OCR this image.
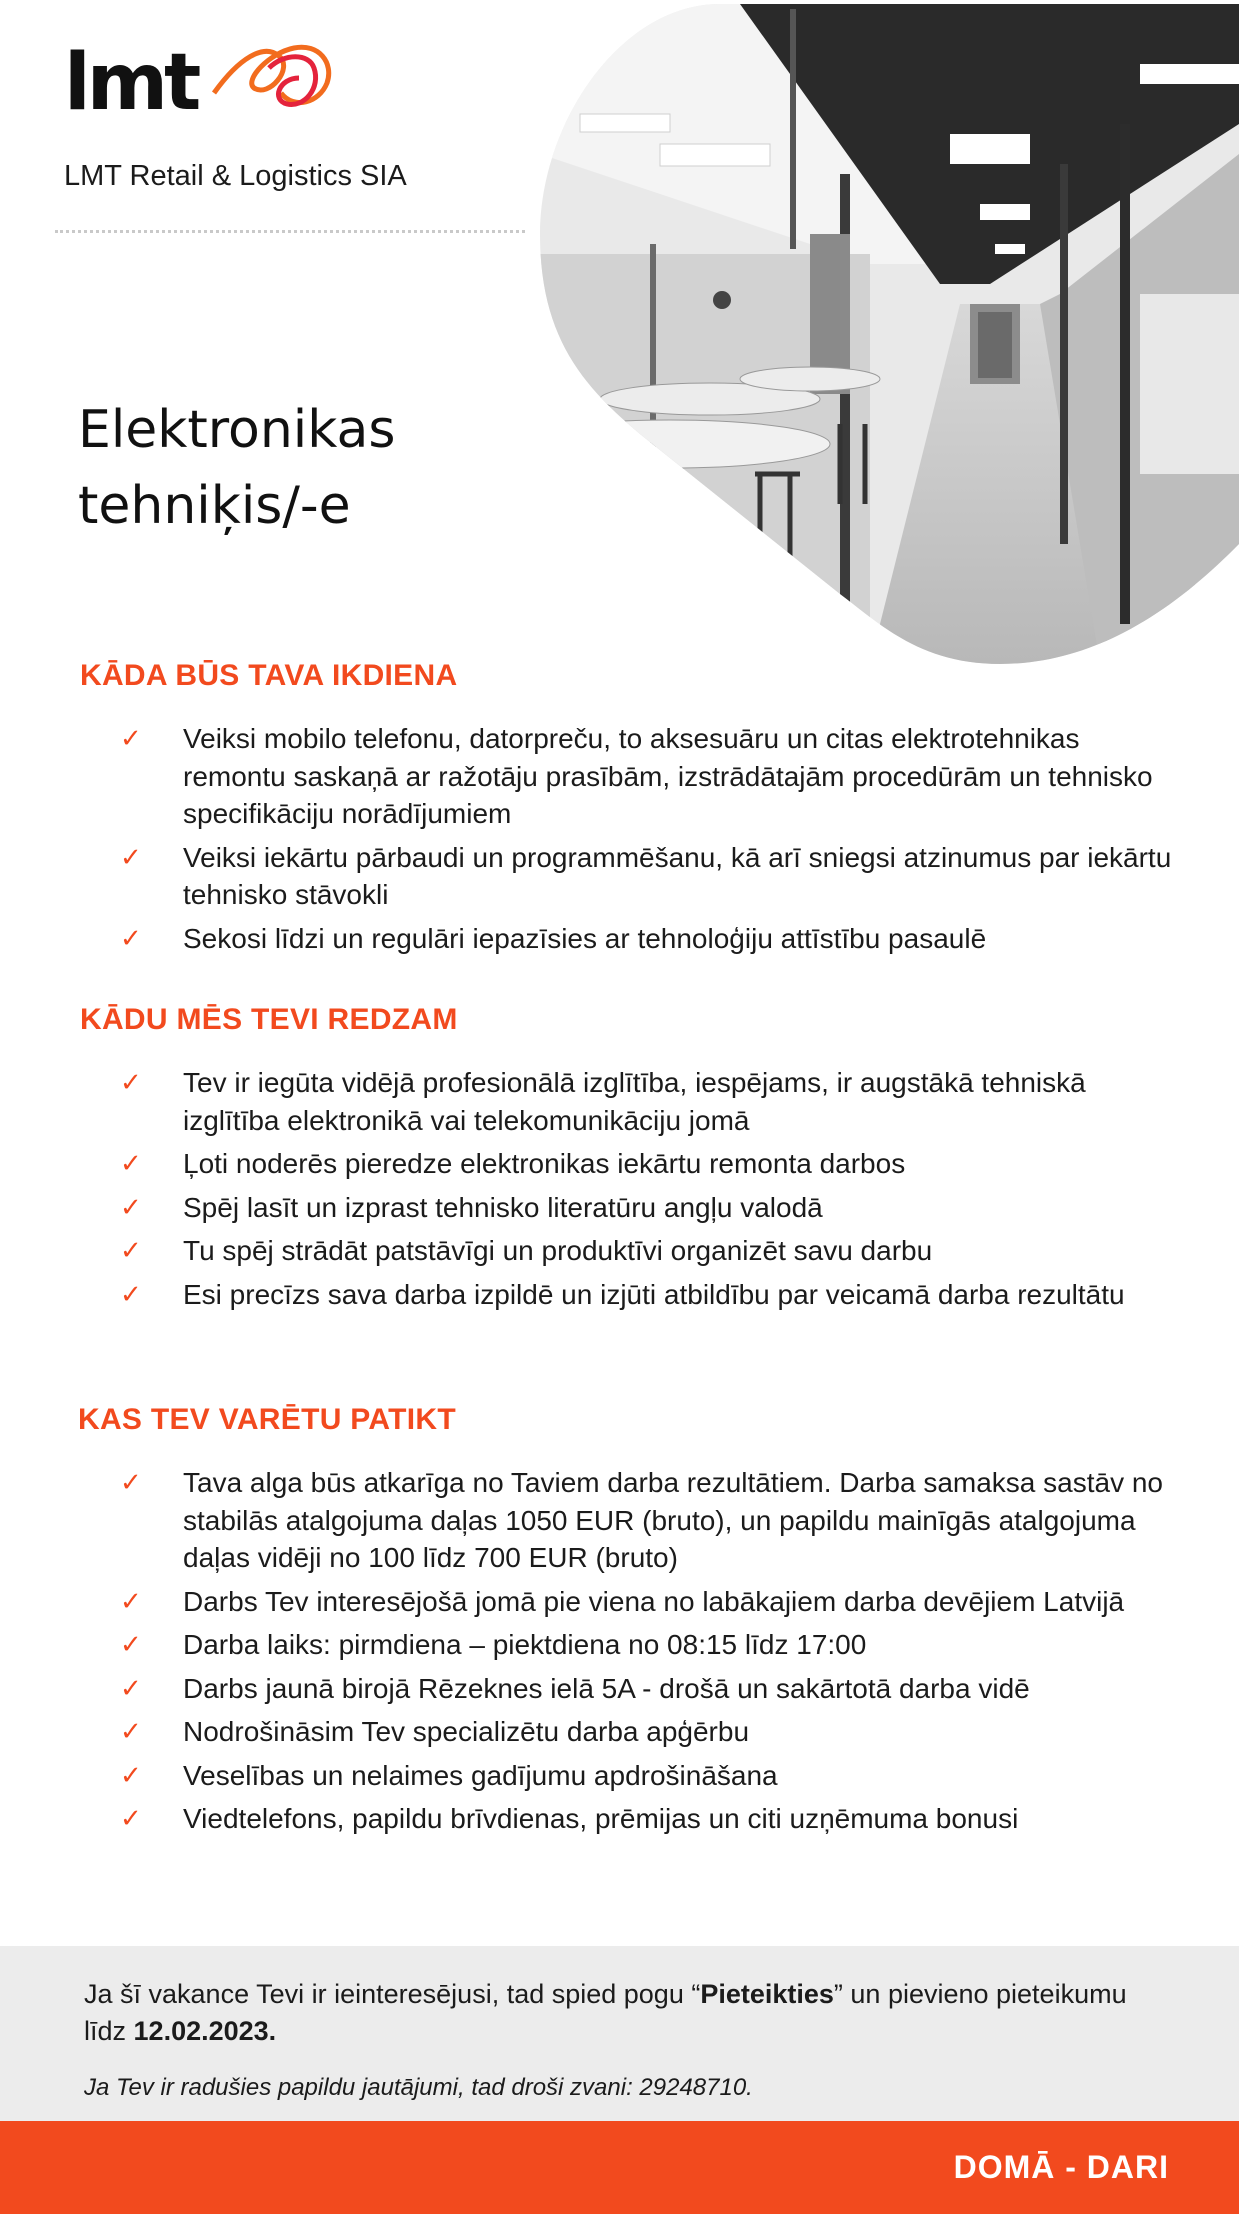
lmt
LMT Retail & Logistics SIA
Elektronikas
tehniķis/-e
KĀDA BŪS TAVA IKDIENA
✓ Veiksi mobilo telefonu, datorpreču, to aksesuāru un citas elektrotehnikas remontu saskaņā ar ražotāju prasībām, izstrādātajām procedūrām un tehnisko specifikāciju norādījumiem
✓ Veiksi iekārtu pārbaudi un programmēšanu, kā arī sniegsi atzinumus par iekārtu tehnisko stāvokli
✓ Sekosi līdzi un regulāri iepazīsies ar tehnoloģiju attīstību pasaulē
KĀDU MĒS TEVI REDZAM
✓ Tev ir iegūta vidējā profesionālā izglītība, iespējams, ir augstākā tehniskā izglītība elektronikā vai telekomunikāciju jomā
✓ Ļoti noderēs pieredze elektronikas iekārtu remonta darbos
✓ Spēj lasīt un izprast tehnisko literatūru angļu valodā
✓ Tu spēj strādāt patstāvīgi un produktīvi organizēt savu darbu
✓ Esi precīzs sava darba izpildē un izjūti atbildību par veicamā darba rezultātu
KAS TEV VARĒTU PATIKT
✓ Tava alga būs atkarīga no Taviem darba rezultātiem. Darba samaksa sastāv no stabilās atalgojuma daļas 1050 EUR (bruto), un papildu mainīgās atalgojuma daļas vidēji no 100 līdz 700 EUR (bruto)
✓ Darbs Tev interesējošā jomā pie viena no labākajiem darba devējiem Latvijā
✓ Darba laiks: pirmdiena – piektdiena no 08:15 līdz 17:00
✓ Darbs jaunā birojā Rēzeknes ielā 5A - drošā un sakārtotā darba vidē
✓ Nodrošināsim Tev specializētu darba apģērbu
✓ Veselības un nelaimes gadījumu apdrošināšana
✓ Viedtelefons, papildu brīvdienas, prēmijas un citi uzņēmuma bonusi

Ja šī vakance Tevi ir ieinteresējusi, tad spied pogu “Pieteikties” un pievieno pieteikumu līdz 12.02.2023.

Ja Tev ir radušies papildu jautājumi, tad droši zvani: 29248710.

DOMĀ - DARI
